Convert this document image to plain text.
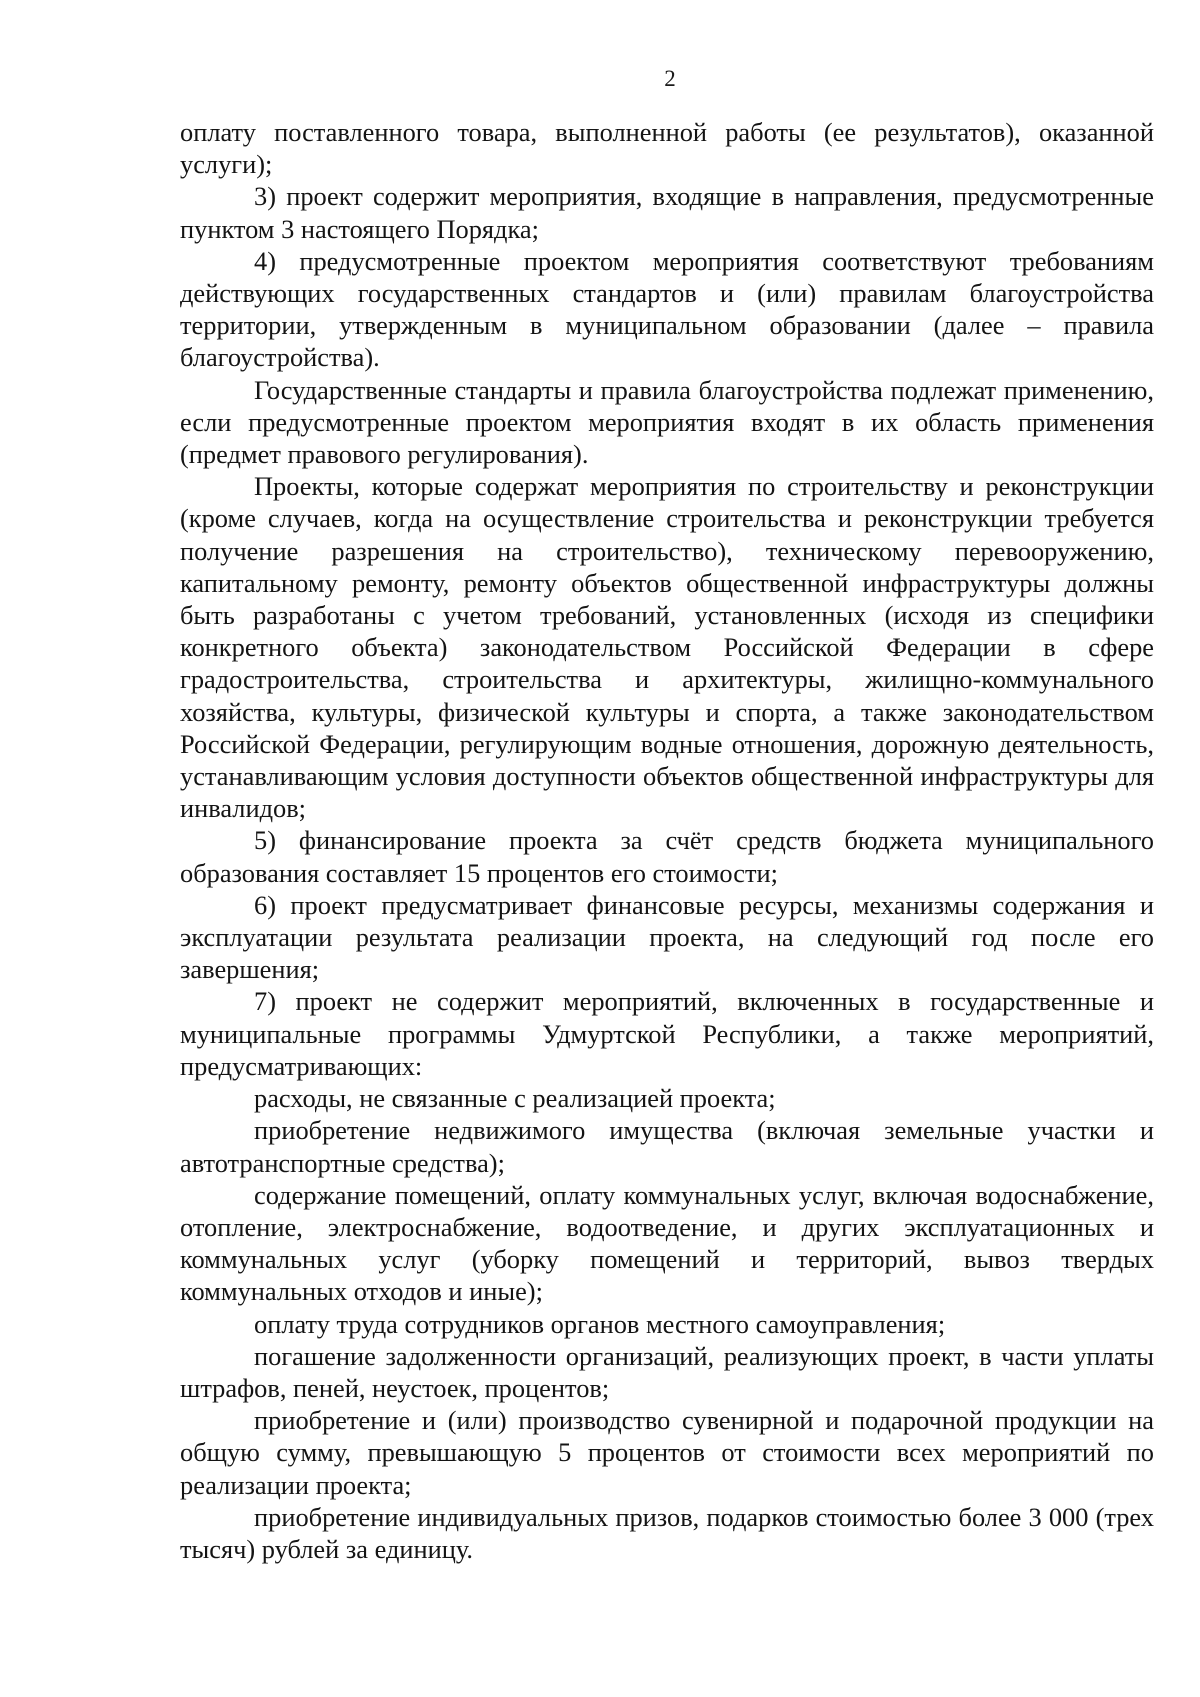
2

оплату поставленного товара, выполненной работы (ее результатов), оказанной услуги);

3) проект содержит мероприятия, входящие в направления, предусмотренные пунктом 3 настоящего Порядка;

4) предусмотренные проектом мероприятия соответствуют требованиям действующих государственных стандартов и (или) правилам благоустройства территории, утвержденным в муниципальном образовании (далее – правила благоустройства).

Государственные стандарты и правила благоустройства подлежат применению, если предусмотренные проектом мероприятия входят в их область применения (предмет правового регулирования).

Проекты, которые содержат мероприятия по строительству и реконструкции (кроме случаев, когда на осуществление строительства и реконструкции требуется получение разрешения на строительство), техническому перевооружению, капитальному ремонту, ремонту объектов общественной инфраструктуры должны быть разработаны с учетом требований, установленных (исходя из специфики конкретного объекта) законодательством Российской Федерации в сфере градостроительства, строительства и архитектуры, жилищно-коммунального хозяйства, культуры, физической культуры и спорта, а также законодательством Российской Федерации, регулирующим водные отношения, дорожную деятельность, устанавливающим условия доступности объектов общественной инфраструктуры для инвалидов;

5) финансирование проекта за счёт средств бюджета муниципального образования составляет 15 процентов его стоимости;

6) проект предусматривает финансовые ресурсы, механизмы содержания и эксплуатации результата реализации проекта, на следующий год после его завершения;

7) проект не содержит мероприятий, включенных в государственные и муниципальные программы Удмуртской Республики, а также мероприятий, предусматривающих:

расходы, не связанные с реализацией проекта;

приобретение недвижимого имущества (включая земельные участки и автотранспортные средства);

содержание помещений, оплату коммунальных услуг, включая водоснабжение, отопление, электроснабжение, водоотведение, и других эксплуатационных и коммунальных услуг (уборку помещений и территорий, вывоз твердых коммунальных отходов и иные);

оплату труда сотрудников органов местного самоуправления;

погашение задолженности организаций, реализующих проект, в части уплаты штрафов, пеней, неустоек, процентов;

приобретение и (или) производство сувенирной и подарочной продукции на общую сумму, превышающую 5 процентов от стоимости всех мероприятий по реализации проекта;

приобретение индивидуальных призов, подарков стоимостью более 3 000 (трех тысяч) рублей за единицу.
